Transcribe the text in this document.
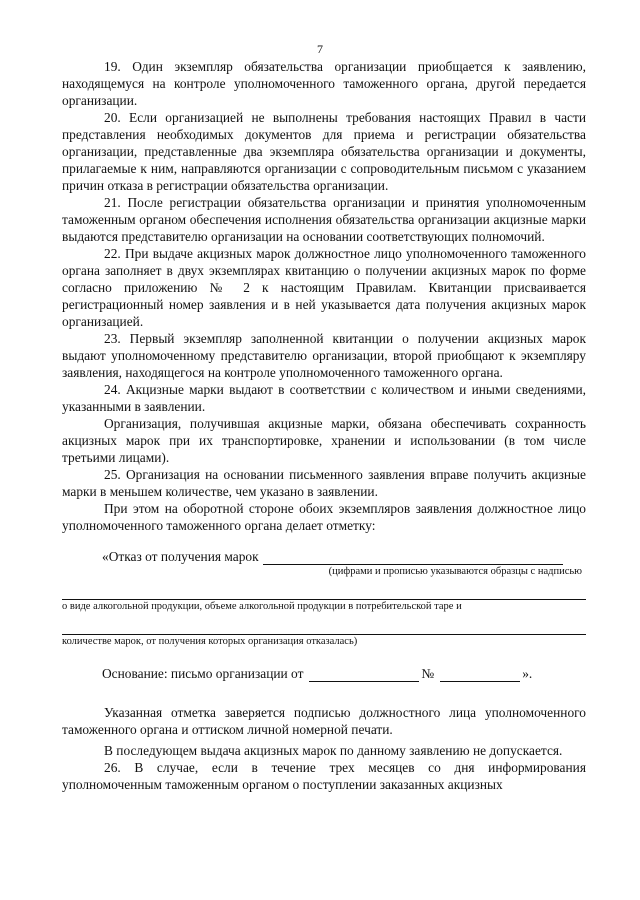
7

19. Один экземпляр обязательства организации приобщается к заявлению, находящемуся на контроле уполномоченного таможенного органа, другой передается организации.

20. Если организацией не выполнены требования настоящих Правил в части представления необходимых документов для приема и регистрации обязательства организации, представленные два экземпляра обязательства организации и документы, прилагаемые к ним, направляются организации с сопроводительным письмом с указанием причин отказа в регистрации обязательства организации.

21. После регистрации обязательства организации и принятия уполномоченным таможенным органом обеспечения исполнения обязательства организации акцизные марки выдаются представителю организации на основании соответствующих полномочий.

22. При выдаче акцизных марок должностное лицо уполномоченного таможенного органа заполняет в двух экземплярах квитанцию о получении акцизных марок по форме согласно приложению № 2 к настоящим Правилам. Квитанции присваивается регистрационный номер заявления и в ней указывается дата получения акцизных марок организацией.

23. Первый экземпляр заполненной квитанции о получении акцизных марок выдают уполномоченному представителю организации, второй приобщают к экземпляру заявления, находящегося на контроле уполномоченного таможенного органа.

24. Акцизные марки выдают в соответствии с количеством и иными сведениями, указанными в заявлении.

Организация, получившая акцизные марки, обязана обеспечивать сохранность акцизных марок при их транспортировке, хранении и использовании (в том числе третьими лицами).

25. Организация на основании письменного заявления вправе получить акцизные марки в меньшем количестве, чем указано в заявлении.

При этом на оборотной стороне обоих экземпляров заявления должностное лицо уполномоченного таможенного органа делает отметку:

«Отказ от получения марок

(цифрами и прописью указываются образцы с надписью

о виде алкогольной продукции, объеме алкогольной продукции в потребительской таре и

количестве марок, от получения которых организация отказалась)

Основание: письмо организации от	№	».

Указанная отметка заверяется подписью должностного лица уполномоченного таможенного органа и оттиском личной номерной печати.

В последующем выдача акцизных марок по данному заявлению не допускается.

26. В случае, если в течение трех месяцев со дня информирования уполномоченным таможенным органом о поступлении заказанных акцизных
